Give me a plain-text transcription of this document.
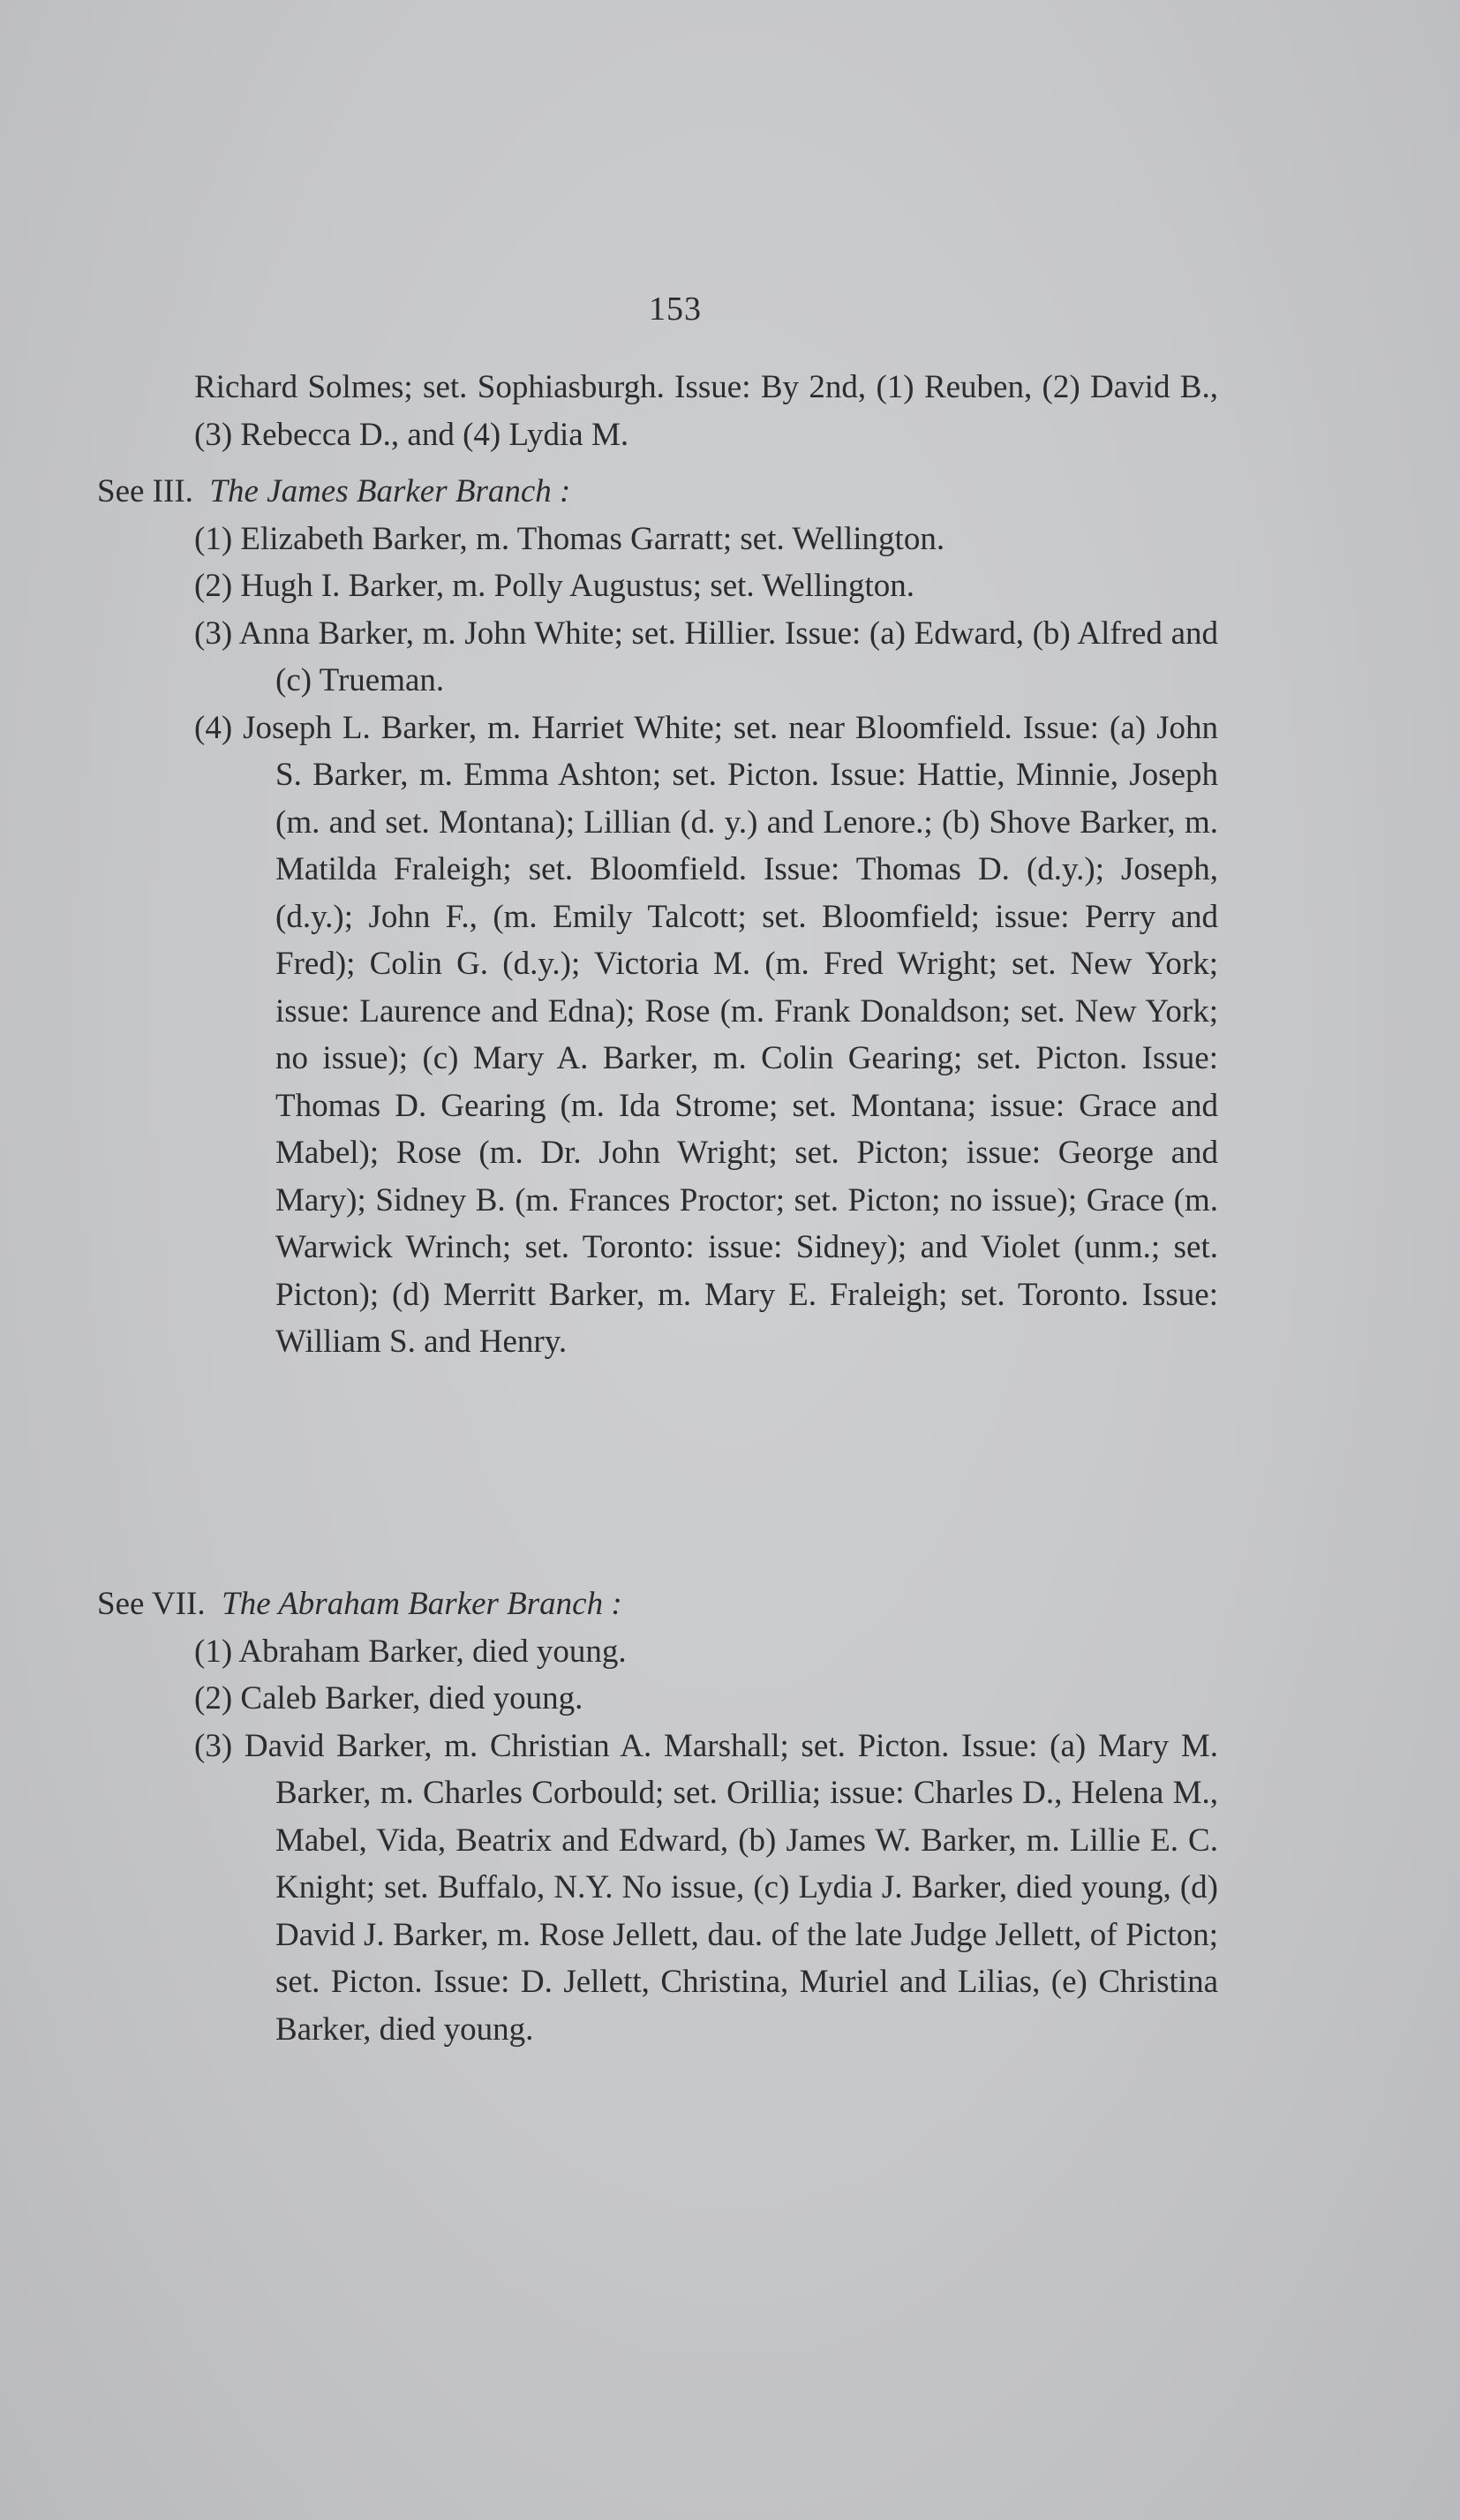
153

Richard Solmes; set. Sophiasburgh. Issue: By 2nd, (1) Reuben, (2) David B., (3) Rebecca D., and (4) Lydia M.

See III. The James Barker Branch :

(1) Elizabeth Barker, m. Thomas Garratt; set. Wellington.

(2) Hugh I. Barker, m. Polly Augustus; set. Wellington.

(3) Anna Barker, m. John White; set. Hillier. Issue: (a) Edward, (b) Alfred and (c) Trueman.

(4) Joseph L. Barker, m. Harriet White; set. near Bloomfield. Issue: (a) John S. Barker, m. Emma Ashton; set. Picton. Issue: Hattie, Minnie, Joseph (m. and set. Montana); Lillian (d. y.) and Lenore.; (b) Shove Barker, m. Matilda Fraleigh; set. Bloomfield. Issue: Thomas D. (d.y.); Joseph, (d.y.); John F., (m. Emily Talcott; set. Bloomfield; issue: Perry and Fred); Colin G. (d.y.); Victoria M. (m. Fred Wright; set. New York; issue: Laurence and Edna); Rose (m. Frank Donaldson; set. New York; no issue); (c) Mary A. Barker, m. Colin Gearing; set. Picton. Issue: Thomas D. Gearing (m. Ida Strome; set. Montana; issue: Grace and Mabel); Rose (m. Dr. John Wright; set. Picton; issue: George and Mary); Sidney B. (m. Frances Proctor; set. Picton; no issue); Grace (m. Warwick Wrinch; set. Toronto: issue: Sidney); and Violet (unm.; set. Picton); (d) Merritt Barker, m. Mary E. Fraleigh; set. Toronto. Issue: William S. and Henry.

See VII. The Abraham Barker Branch :

(1) Abraham Barker, died young.

(2) Caleb Barker, died young.

(3) David Barker, m. Christian A. Marshall; set. Picton. Issue: (a) Mary M. Barker, m. Charles Corbould; set. Orillia; issue: Charles D., Helena M., Mabel, Vida, Beatrix and Edward, (b) James W. Barker, m. Lillie E. C. Knight; set. Buffalo, N.Y. No issue, (c) Lydia J. Barker, died young, (d) David J. Barker, m. Rose Jellett, dau. of the late Judge Jellett, of Picton; set. Picton. Issue: D. Jellett, Christina, Muriel and Lilias, (e) Christina Barker, died young.
